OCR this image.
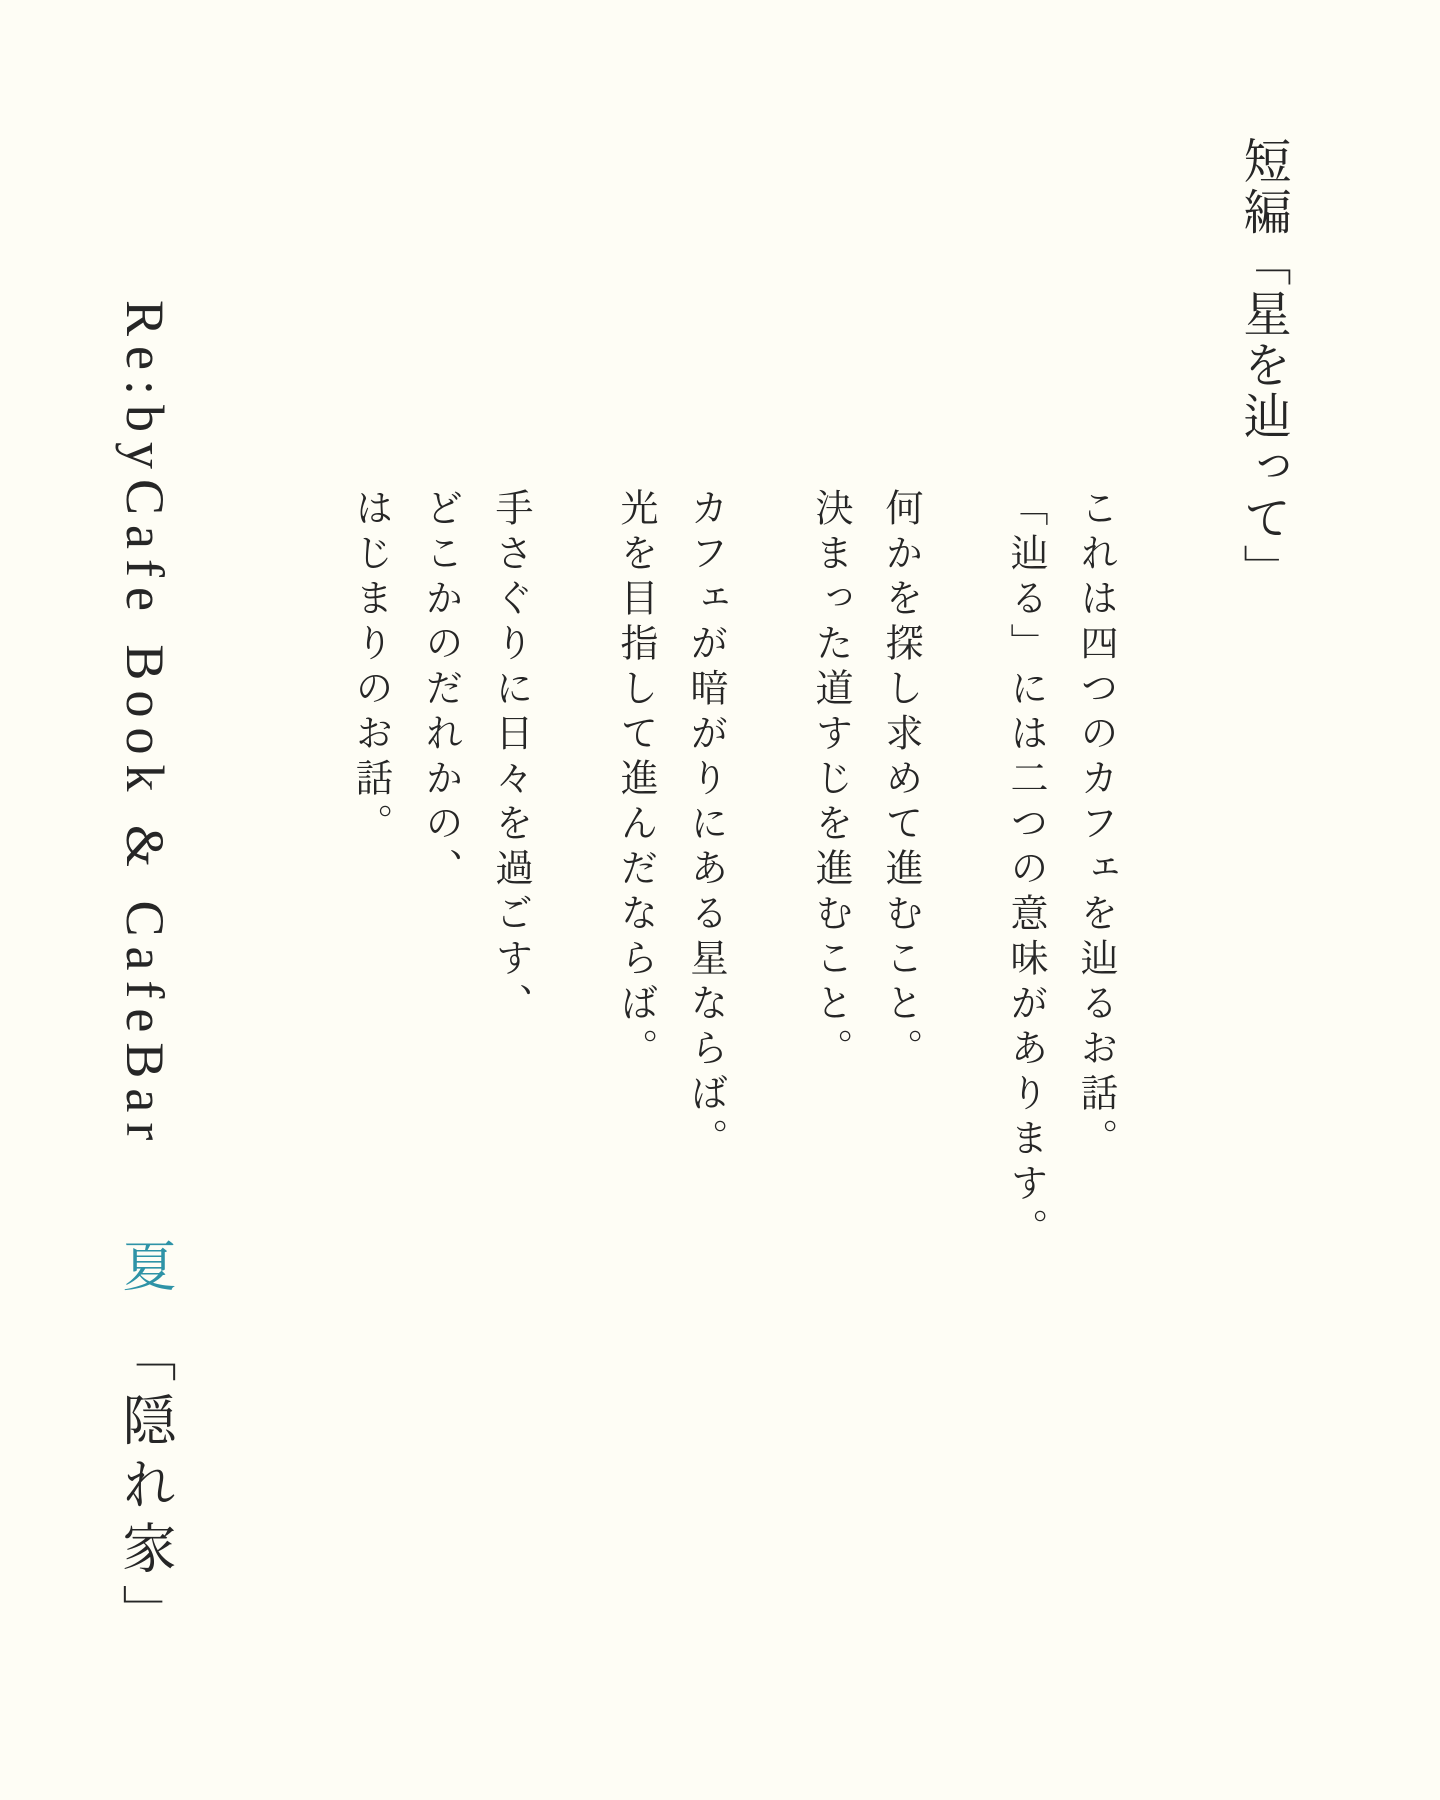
短編「星を辿って」

これは四つのカフェを辿るお話。

「辿る」には二つの意味があります。

何かを探し求めて進むこと。

決まった道すじを進むこと。

カフェが暗がりにある星ならば。

光を目指して進んだならば。

手さぐりに日々を過ごす、

どこかのだれかの、

はじまりのお話。

Re:byCafe Book & CafeBar
夏
「隠れ家」
